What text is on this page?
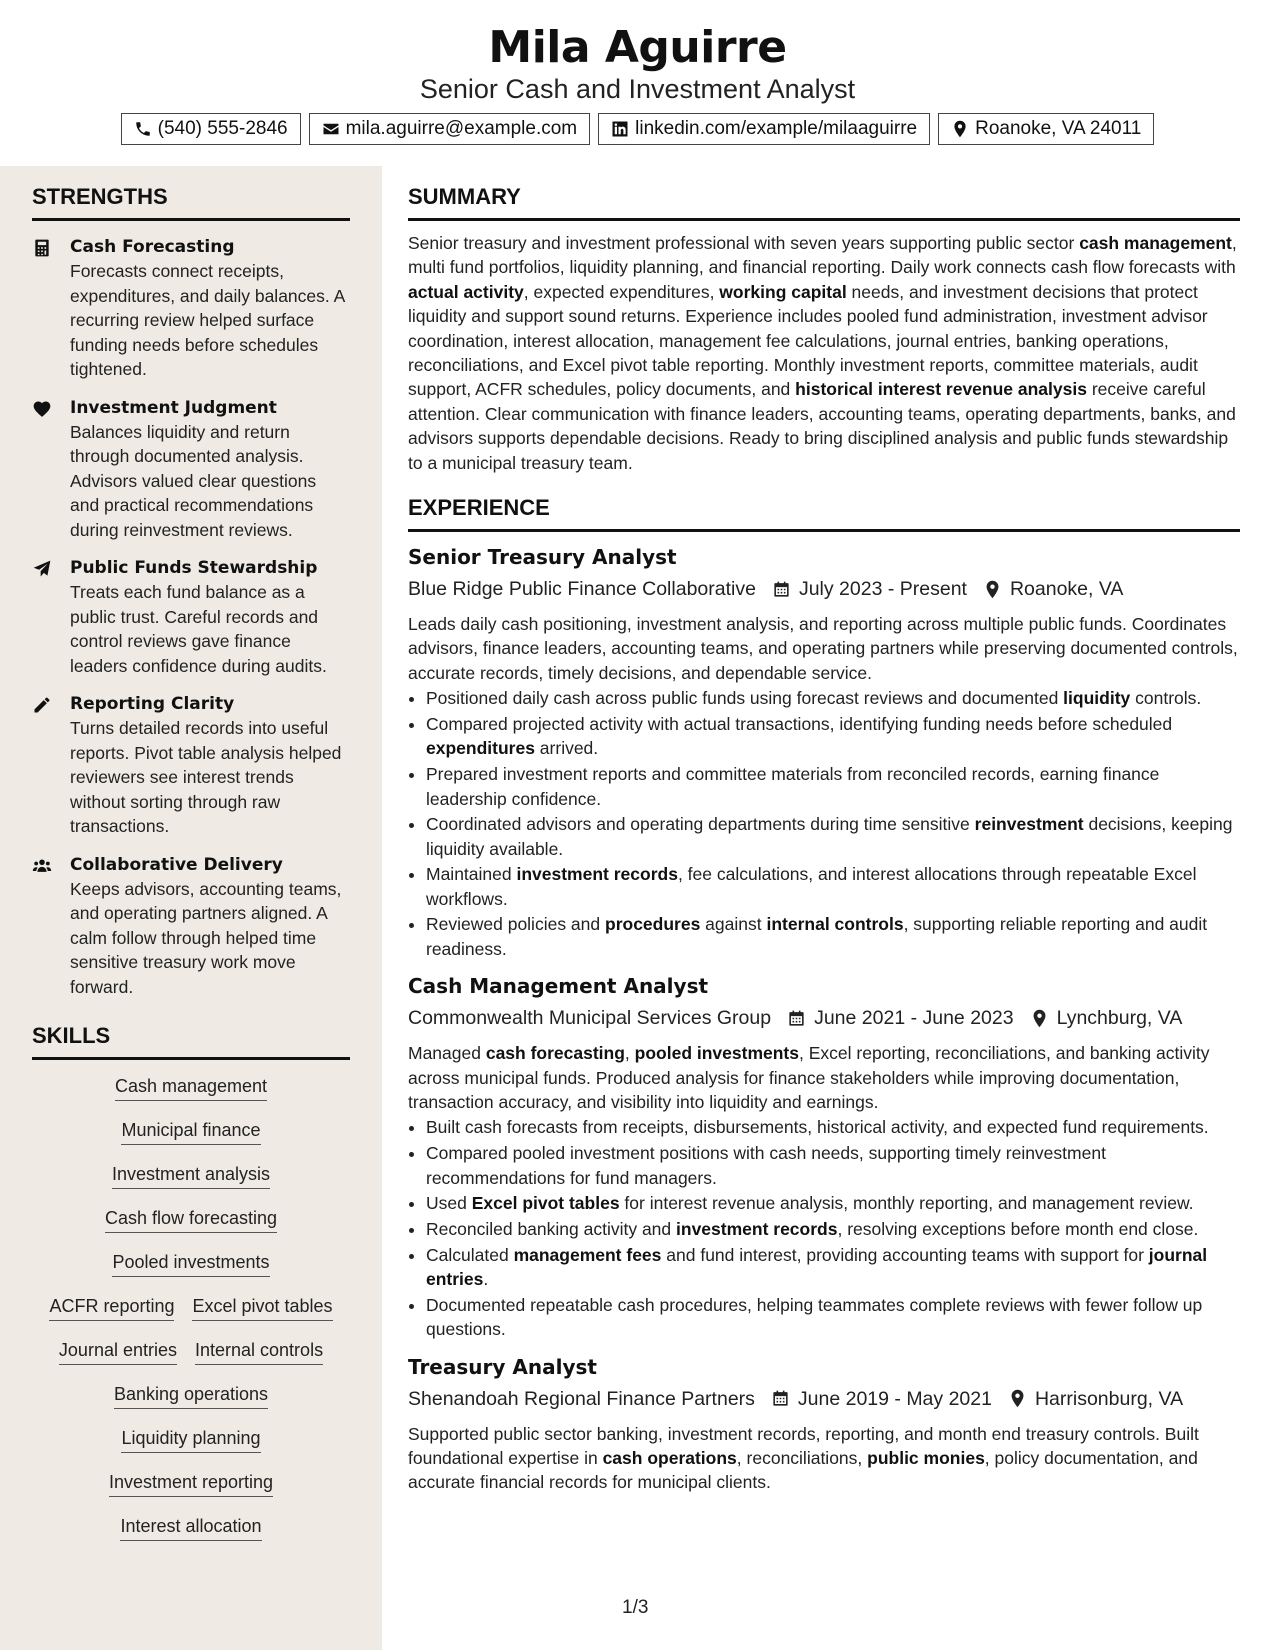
Mila Aguirre
Senior Cash and Investment Analyst
(540) 555-2846	mila.aguirre@example.com	linkedin.com/example/milaaguirre	Roanoke, VA 24011
STRENGTHS
Cash Forecasting
Forecasts connect receipts, expenditures, and daily balances. A recurring review helped surface funding needs before schedules tightened.
Investment Judgment
Balances liquidity and return through documented analysis. Advisors valued clear questions and practical recommendations during reinvestment reviews.
Public Funds Stewardship
Treats each fund balance as a public trust. Careful records and control reviews gave finance leaders confidence during audits.
Reporting Clarity
Turns detailed records into useful reports. Pivot table analysis helped reviewers see interest trends without sorting through raw transactions.
Collaborative Delivery
Keeps advisors, accounting teams, and operating partners aligned. A calm follow through helped time sensitive treasury work move forward.
SKILLS
Cash management
Municipal finance
Investment analysis
Cash flow forecasting
Pooled investments
ACFR reporting Excel pivot tables
Journal entries Internal controls
Banking operations
Liquidity planning
Investment reporting
Interest allocation
SUMMARY
Senior treasury and investment professional with seven years supporting public sector cash management, multi fund portfolios, liquidity planning, and financial reporting. Daily work connects cash flow forecasts with actual activity, expected expenditures, working capital needs, and investment decisions that protect liquidity and support sound returns. Experience includes pooled fund administration, investment advisor coordination, interest allocation, management fee calculations, journal entries, banking operations, reconciliations, and Excel pivot table reporting. Monthly investment reports, committee materials, audit support, ACFR schedules, policy documents, and historical interest revenue analysis receive careful attention. Clear communication with finance leaders, accounting teams, operating departments, banks, and advisors supports dependable decisions. Ready to bring disciplined analysis and public funds stewardship to a municipal treasury team.
EXPERIENCE
Senior Treasury Analyst
Blue Ridge Public Finance Collaborative July 2023 - Present Roanoke, VA
Leads daily cash positioning, investment analysis, and reporting across multiple public funds. Coordinates advisors, finance leaders, accounting teams, and operating partners while preserving documented controls, accurate records, timely decisions, and dependable service.
• Positioned daily cash across public funds using forecast reviews and documented liquidity controls.
• Compared projected activity with actual transactions, identifying funding needs before scheduled expenditures arrived.
• Prepared investment reports and committee materials from reconciled records, earning finance leadership confidence.
• Coordinated advisors and operating departments during time sensitive reinvestment decisions, keeping liquidity available.
• Maintained investment records, fee calculations, and interest allocations through repeatable Excel workflows.
• Reviewed policies and procedures against internal controls, supporting reliable reporting and audit readiness.
Cash Management Analyst
Commonwealth Municipal Services Group June 2021 - June 2023 Lynchburg, VA
Managed cash forecasting, pooled investments, Excel reporting, reconciliations, and banking activity across municipal funds. Produced analysis for finance stakeholders while improving documentation, transaction accuracy, and visibility into liquidity and earnings.
• Built cash forecasts from receipts, disbursements, historical activity, and expected fund requirements.
• Compared pooled investment positions with cash needs, supporting timely reinvestment recommendations for fund managers.
• Used Excel pivot tables for interest revenue analysis, monthly reporting, and management review.
• Reconciled banking activity and investment records, resolving exceptions before month end close.
• Calculated management fees and fund interest, providing accounting teams with support for journal entries.
• Documented repeatable cash procedures, helping teammates complete reviews with fewer follow up questions.
Treasury Analyst
Shenandoah Regional Finance Partners June 2019 - May 2021 Harrisonburg, VA
Supported public sector banking, investment records, reporting, and month end treasury controls. Built foundational expertise in cash operations, reconciliations, public monies, policy documentation, and accurate financial records for municipal clients.
1/3
